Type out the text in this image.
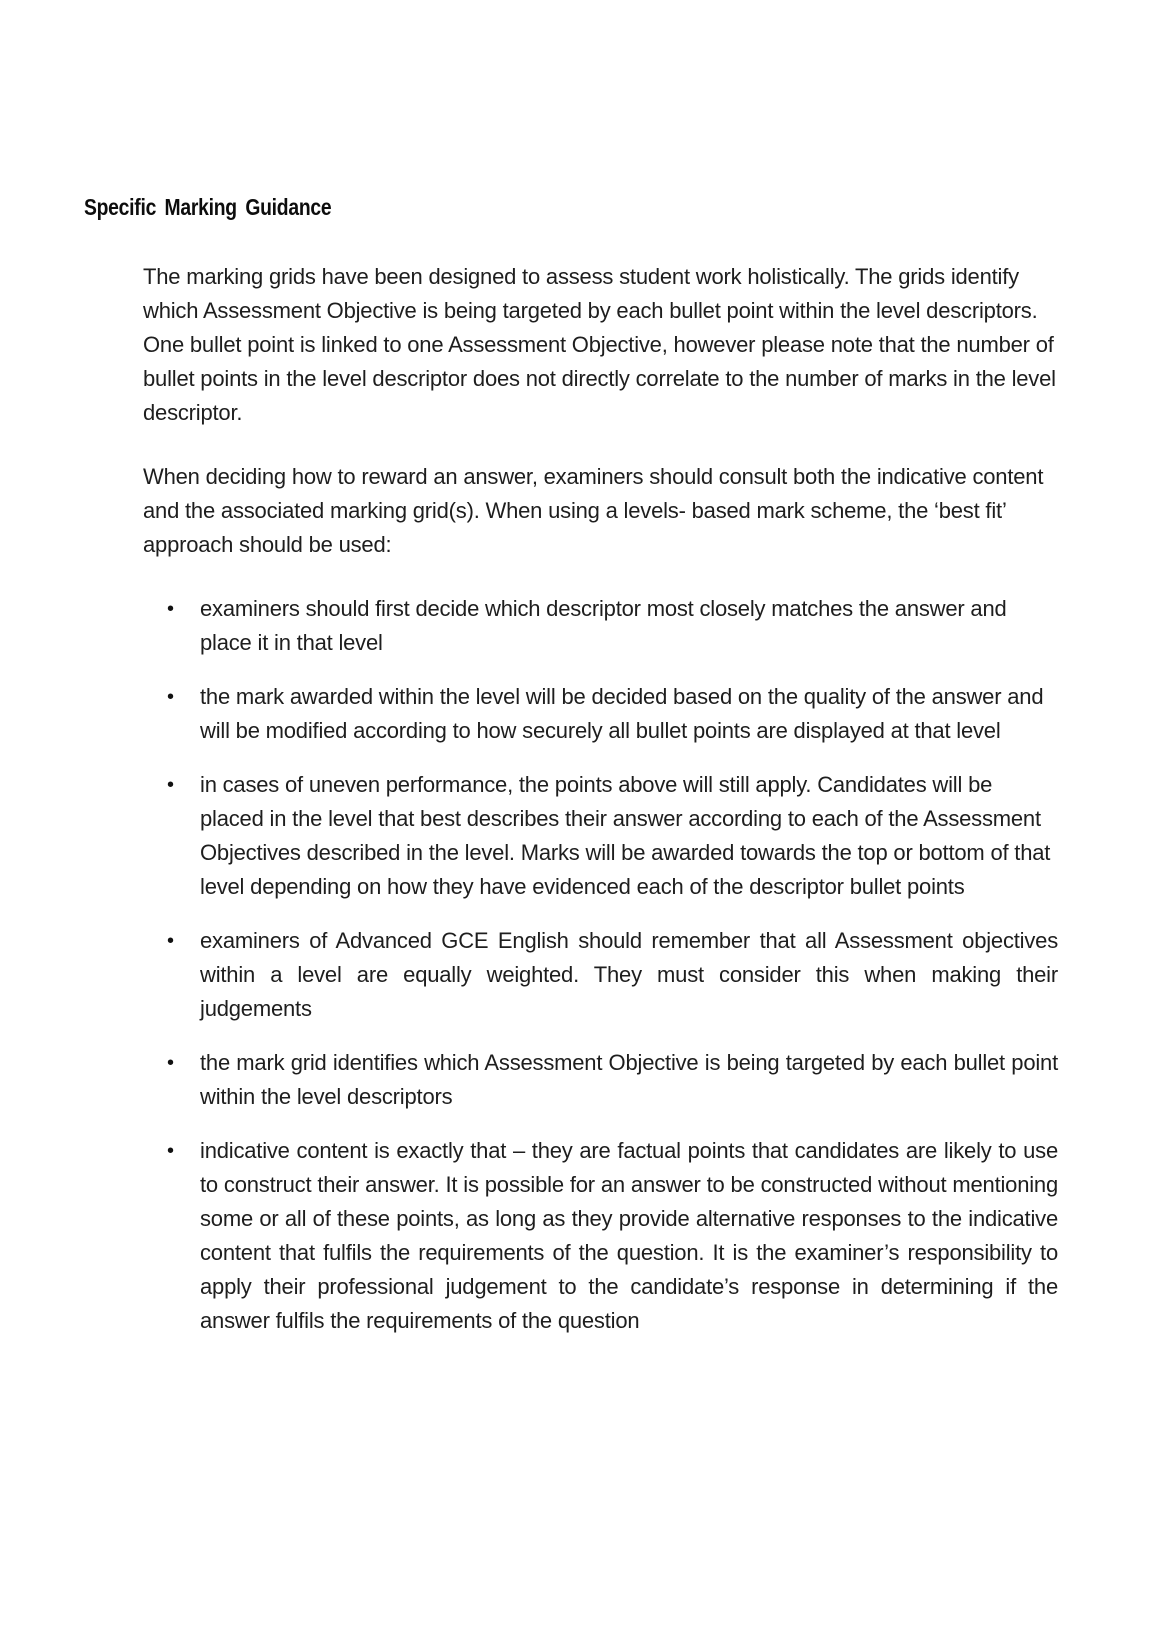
Specific Marking Guidance

The marking grids have been designed to assess student work holistically. The grids identify which Assessment Objective is being targeted by each bullet point within the level descriptors. One bullet point is linked to one Assessment Objective, however please note that the number of bullet points in the level descriptor does not directly correlate to the number of marks in the level descriptor.

When deciding how to reward an answer, examiners should consult both the indicative content and the associated marking grid(s). When using a levels- based mark scheme, the ‘best fit’ approach should be used:

•	examiners should first decide which descriptor most closely matches the answer and place it in that level
•	the mark awarded within the level will be decided based on the quality of the answer and will be modified according to how securely all bullet points are displayed at that level
•	in cases of uneven performance, the points above will still apply. Candidates will be placed in the level that best describes their answer according to each of the Assessment Objectives described in the level. Marks will be awarded towards the top or bottom of that level depending on how they have evidenced each of the descriptor bullet points
•	examiners of Advanced GCE English should remember that all Assessment objectives within a level are equally weighted. They must consider this when making their judgements
•	the mark grid identifies which Assessment Objective is being targeted by each bullet point within the level descriptors
•	indicative content is exactly that – they are factual points that candidates are likely to use to construct their answer. It is possible for an answer to be constructed without mentioning some or all of these points, as long as they provide alternative responses to the indicative content that fulfils the requirements of the question. It is the examiner’s responsibility to apply their professional judgement to the candidate’s response in determining if the answer fulfils the requirements of the question
